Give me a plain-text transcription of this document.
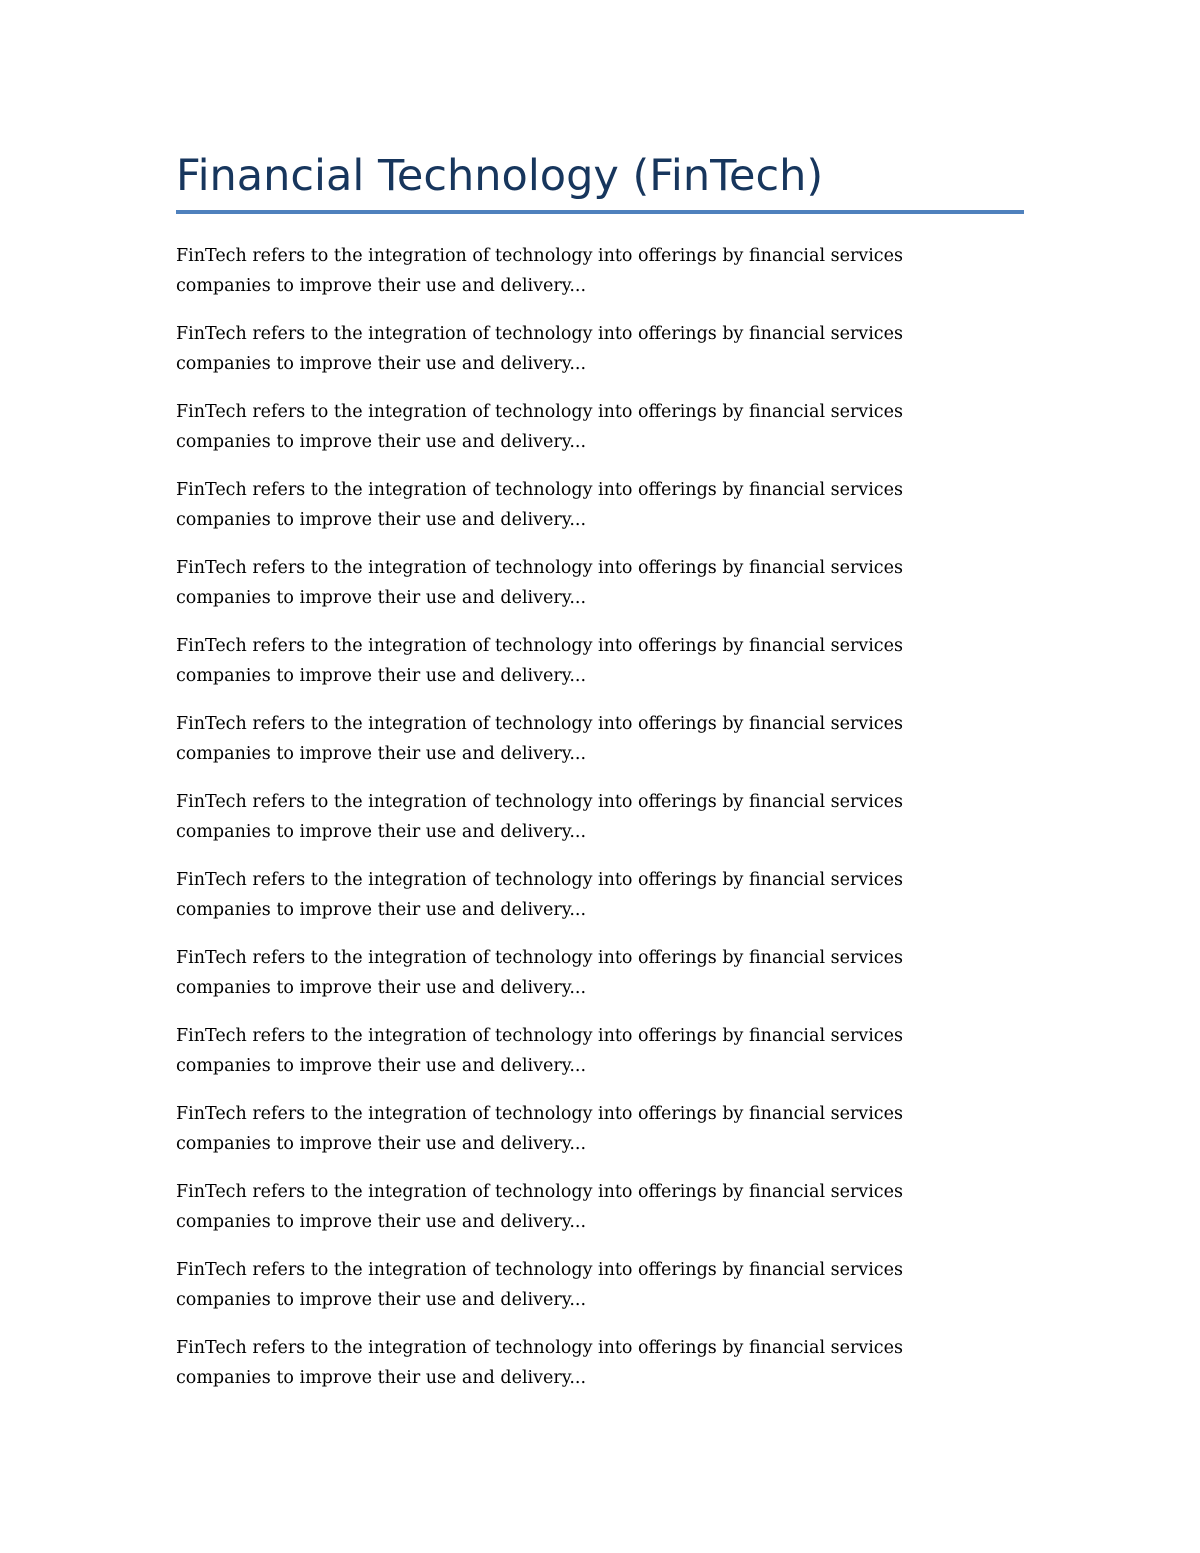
Financial Technology (FinTech)

FinTech refers to the integration of technology into offerings by financial services
companies to improve their use and delivery...

FinTech refers to the integration of technology into offerings by financial services
companies to improve their use and delivery...

FinTech refers to the integration of technology into offerings by financial services
companies to improve their use and delivery...

FinTech refers to the integration of technology into offerings by financial services
companies to improve their use and delivery...

FinTech refers to the integration of technology into offerings by financial services
companies to improve their use and delivery...

FinTech refers to the integration of technology into offerings by financial services
companies to improve their use and delivery...

FinTech refers to the integration of technology into offerings by financial services
companies to improve their use and delivery...

FinTech refers to the integration of technology into offerings by financial services
companies to improve their use and delivery...

FinTech refers to the integration of technology into offerings by financial services
companies to improve their use and delivery...

FinTech refers to the integration of technology into offerings by financial services
companies to improve their use and delivery...

FinTech refers to the integration of technology into offerings by financial services
companies to improve their use and delivery...

FinTech refers to the integration of technology into offerings by financial services
companies to improve their use and delivery...

FinTech refers to the integration of technology into offerings by financial services
companies to improve their use and delivery...

FinTech refers to the integration of technology into offerings by financial services
companies to improve their use and delivery...

FinTech refers to the integration of technology into offerings by financial services
companies to improve their use and delivery...
